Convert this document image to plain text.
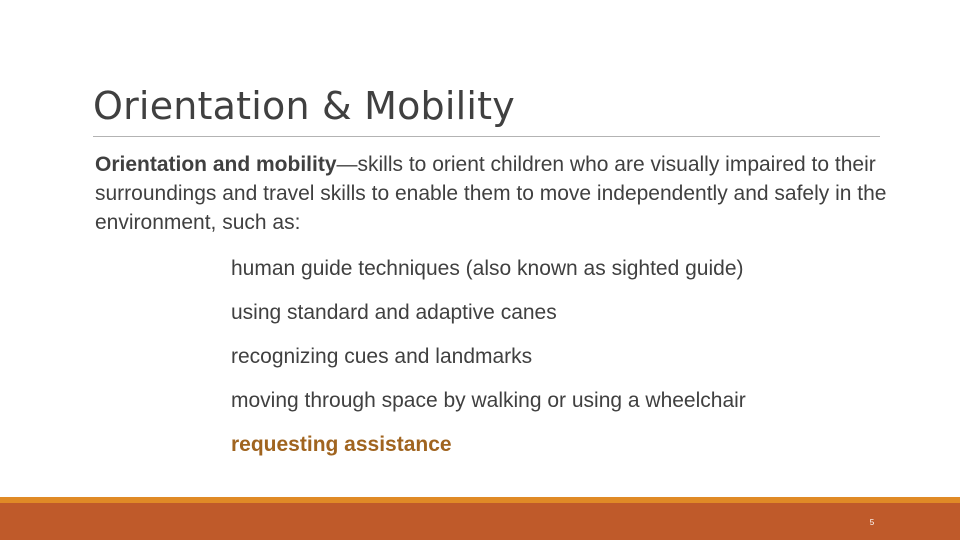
Orientation & Mobility

Orientation and mobility—skills to orient children who are visually impaired to their surroundings and travel skills to enable them to move independently and safely in the environment, such as:

human guide techniques (also known as sighted guide)
using standard and adaptive canes
recognizing cues and landmarks
moving through space by walking or using a wheelchair
requesting assistance
5
